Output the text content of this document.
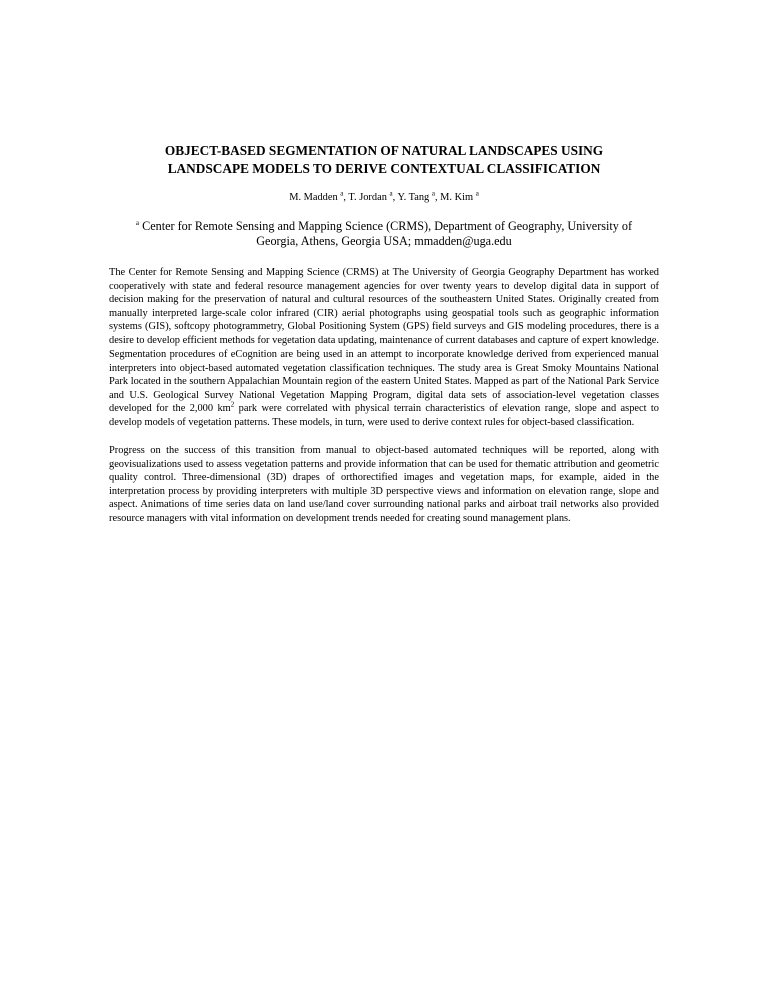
OBJECT-BASED SEGMENTATION OF NATURAL LANDSCAPES USING
LANDSCAPE MODELS TO DERIVE CONTEXTUAL CLASSIFICATION

M. Madden $^a$, T. Jordan $^a$, Y. Tang $^a$, M. Kim $^a$

$^a$ Center for Remote Sensing and Mapping Science (CRMS), Department of Geography, University of
Georgia, Athens, Georgia USA; mmadden@uga.edu

The Center for Remote Sensing and Mapping Science (CRMS) at The University of Georgia Geography Department has worked cooperatively with state and federal resource management agencies for over twenty years to develop digital data in support of decision making for the preservation of natural and cultural resources of the southeastern United States. Originally created from manually interpreted large-scale color infrared (CIR) aerial photographs using geospatial tools such as geographic information systems (GIS), softcopy photogrammetry, Global Positioning System (GPS) field surveys and GIS modeling procedures, there is a desire to develop efficient methods for vegetation data updating, maintenance of current databases and capture of expert knowledge.

Segmentation procedures of eCognition are being used in an attempt to incorporate knowledge derived from experienced manual interpreters into object-based automated vegetation classification techniques. The study area is Great Smoky Mountains National Park located in the southern Appalachian Mountain region of the eastern United States. Mapped as part of the National Park Service and U.S. Geological Survey National Vegetation Mapping Program, digital data sets of association-level vegetation classes developed for the 2,000 $km^2$ park were correlated with physical terrain characteristics of elevation range, slope and aspect to develop models of vegetation patterns. These models, in turn, were used to derive context rules for object-based classification.

Progress on the success of this transition from manual to object-based automated techniques will be reported, along with geovisualizations used to assess vegetation patterns and provide information that can be used for thematic attribution and geometric quality control. Three-dimensional (3D) drapes of orthorectified images and vegetation maps, for example, aided in the interpretation process by providing interpreters with multiple 3D perspective views and information on elevation range, slope and aspect. Animations of time series data on land use/land cover surrounding national parks and airboat trail networks also provided resource managers with vital information on development trends needed for creating sound management plans.
